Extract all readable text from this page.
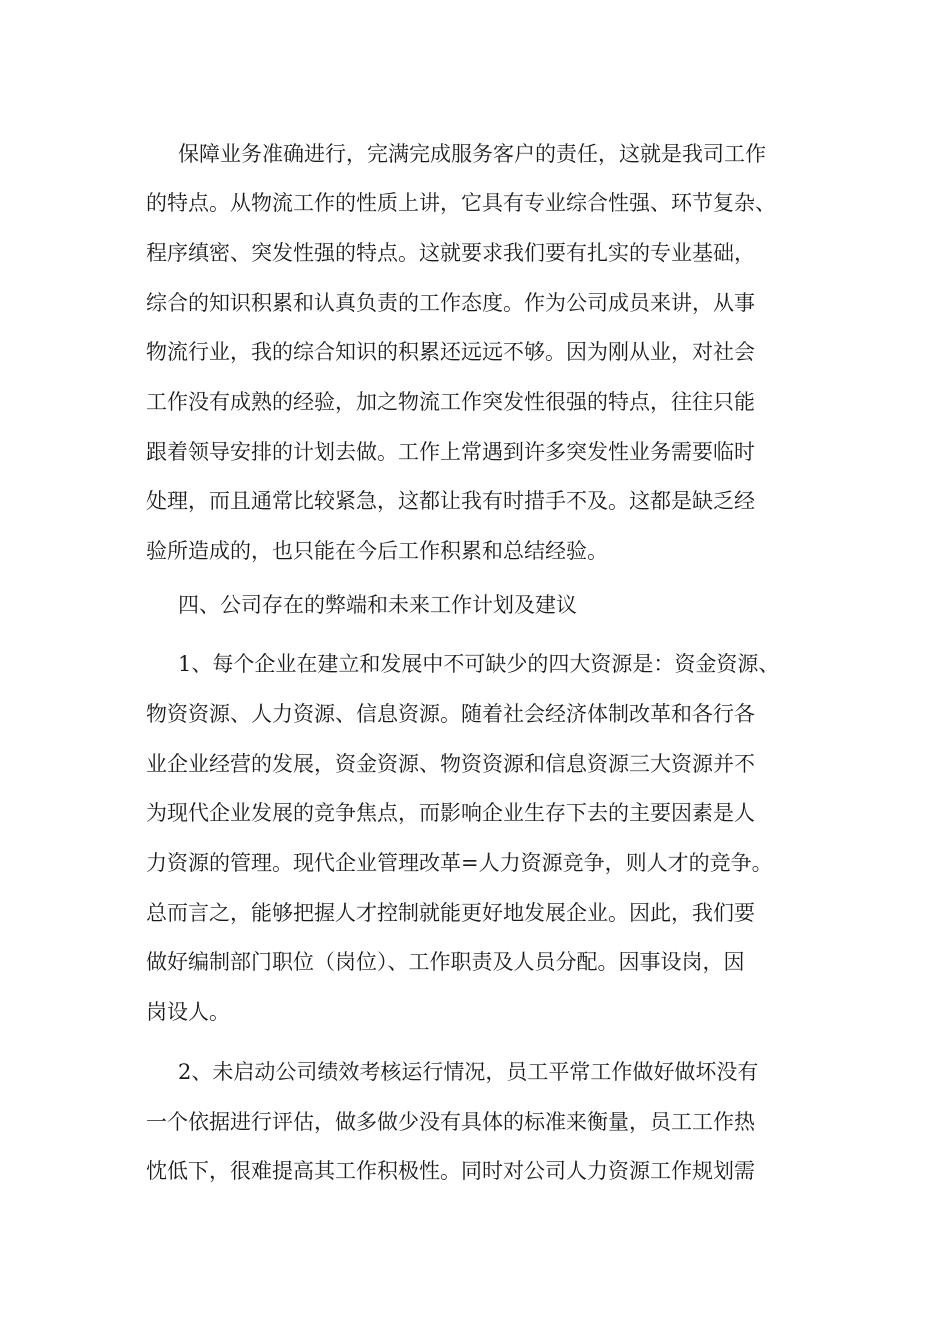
保障业务准确进行，完满完成服务客户的责任，这就是我司工作
的特点。从物流工作的性质上讲，它具有专业综合性强、环节复杂、
程序缜密、突发性强的特点。这就要求我们要有扎实的专业基础，
综合的知识积累和认真负责的工作态度。作为公司成员来讲，从事
物流行业，我的综合知识的积累还远远不够。因为刚从业，对社会
工作没有成熟的经验，加之物流工作突发性很强的特点，往往只能
跟着领导安排的计划去做。工作上常遇到许多突发性业务需要临时
处理，而且通常比较紧急，这都让我有时措手不及。这都是缺乏经
验所造成的，也只能在今后工作积累和总结经验。
四、公司存在的弊端和未来工作计划及建议
1、每个企业在建立和发展中不可缺少的四大资源是：资金资源、
物资资源、人力资源、信息资源。随着社会经济体制改革和各行各
业企业经营的发展，资金资源、物资资源和信息资源三大资源并不
为现代企业发展的竞争焦点，而影响企业生存下去的主要因素是人
力资源的管理。现代企业管理改革=人力资源竞争，则人才的竞争。
总而言之，能够把握人才控制就能更好地发展企业。因此，我们要
做好编制部门职位（岗位）、工作职责及人员分配。因事设岗，因
岗设人。
2、未启动公司绩效考核运行情况，员工平常工作做好做坏没有
一个依据进行评估，做多做少没有具体的标准来衡量，员工工作热
忱低下，很难提高其工作积极性。同时对公司人力资源工作规划需
